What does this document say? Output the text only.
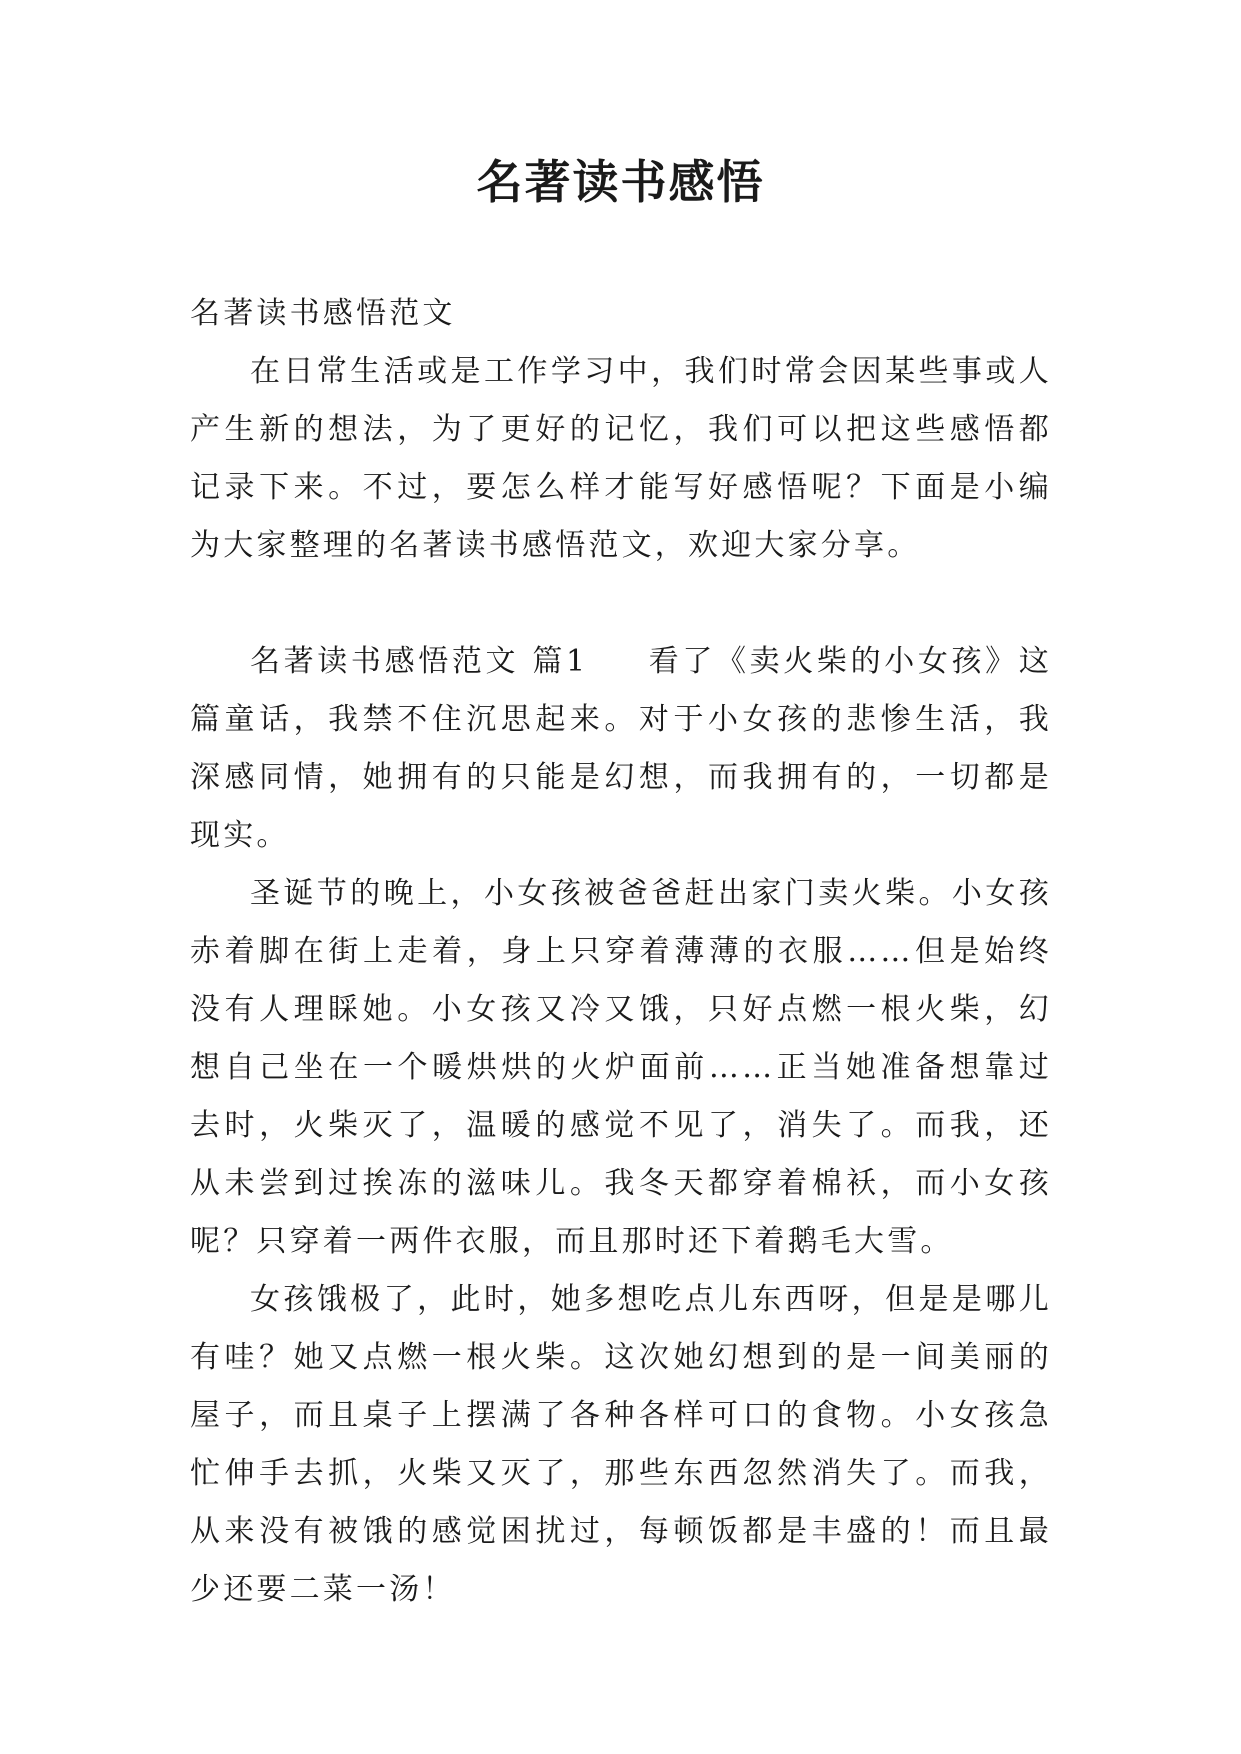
名著读书感悟

名著读书感悟范文

在日常生活或是工作学习中，我们时常会因某些事或人产生新的想法，为了更好的记忆，我们可以把这些感悟都记录下来。不过，要怎么样才能写好感悟呢？下面是小编为大家整理的名著读书感悟范文，欢迎大家分享。

名著读书感悟范文 篇1 看了《卖火柴的小女孩》这篇童话，我禁不住沉思起来。对于小女孩的悲惨生活，我深感同情，她拥有的只能是幻想，而我拥有的，一切都是现实。

圣诞节的晚上，小女孩被爸爸赶出家门卖火柴。小女孩赤着脚在街上走着，身上只穿着薄薄的衣服……但是始终没有人理睬她。小女孩又冷又饿，只好点燃一根火柴，幻想自己坐在一个暖烘烘的火炉面前……正当她准备想靠过去时，火柴灭了，温暖的感觉不见了，消失了。而我，还从未尝到过挨冻的滋味儿。我冬天都穿着棉袄，而小女孩呢？只穿着一两件衣服，而且那时还下着鹅毛大雪。

女孩饿极了，此时，她多想吃点儿东西呀，但是是哪儿有哇？她又点燃一根火柴。这次她幻想到的是一间美丽的屋子，而且桌子上摆满了各种各样可口的食物。小女孩急忙伸手去抓，火柴又灭了，那些东西忽然消失了。而我，从来没有被饿的感觉困扰过，每顿饭都是丰盛的！而且最少还要二菜一汤！
